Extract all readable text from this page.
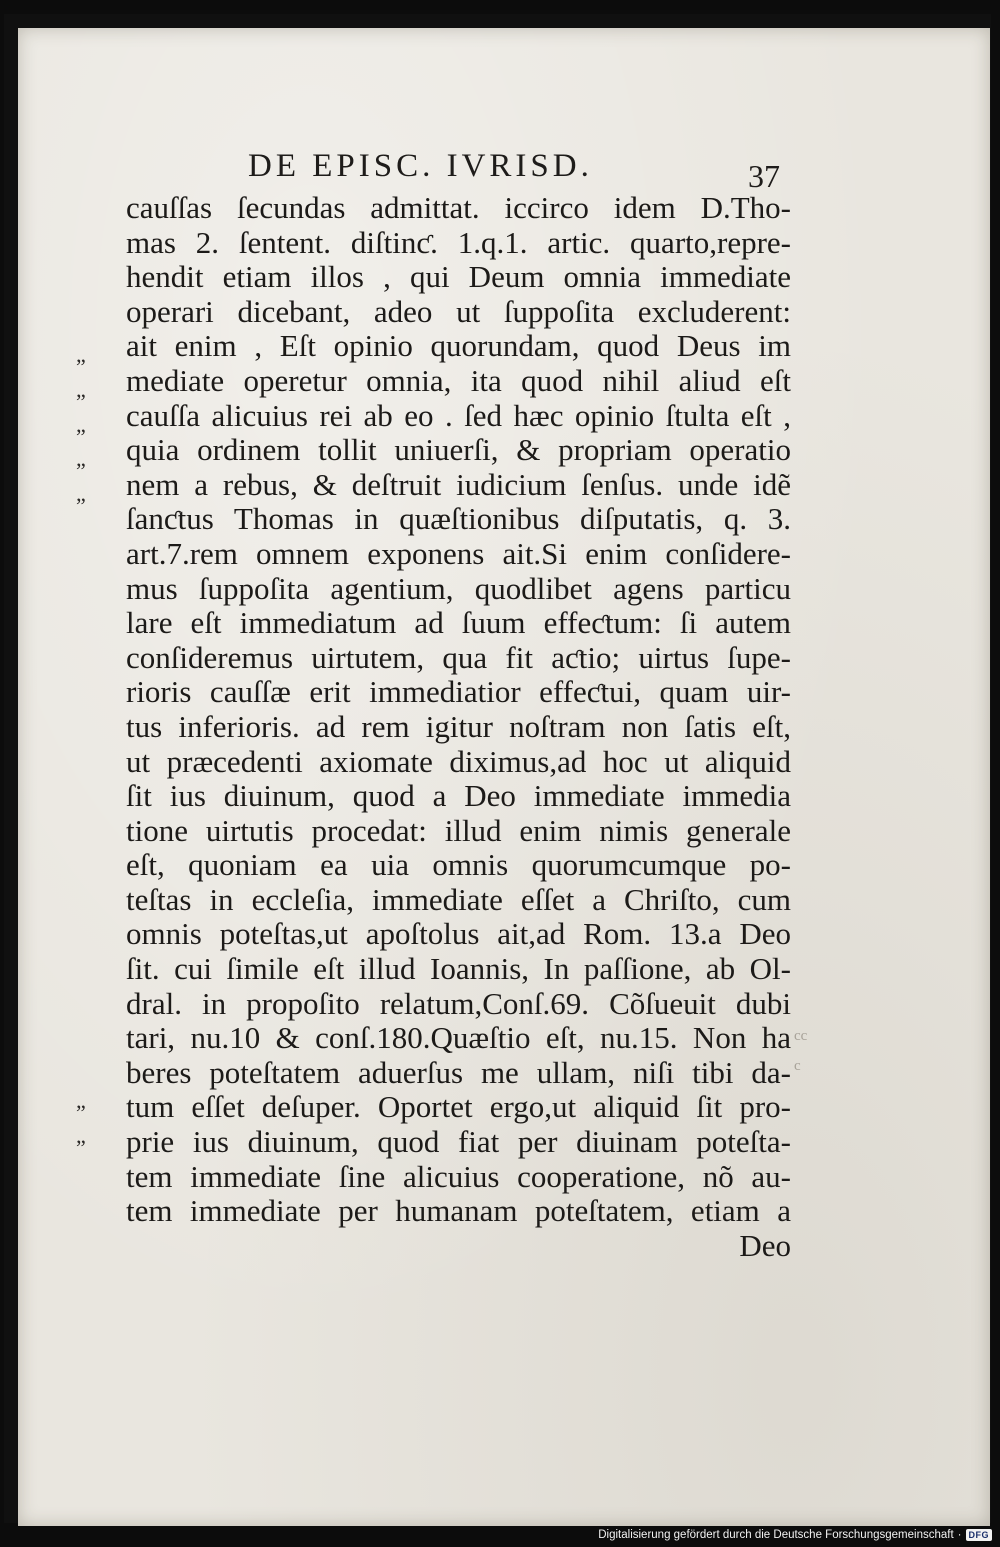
DE EPISC. IVRISD.	37
cauſſas ſecundas admittat. iccirco idem D.Tho-
mas 2. ſentent. diſtinƈ. 1.q.1. artic. quarto,repre-
hendit etiam illos , qui Deum omnia immediate
operari dicebant, adeo ut ſuppoſita excluderent:
ait enim , Eſt opinio quorundam, quod Deus im
mediate operetur omnia, ita quod nihil aliud eſt
cauſſa alicuius rei ab eo . ſed hæc opinio ſtulta eſt ,
quia ordinem tollit uniuerſi, & propriam operatio
nem a rebus, & deſtruit iudicium ſenſus. unde idẽ
ſanƈtus Thomas in quæſtionibus diſputatis, q. 3.
art.7.rem omnem exponens ait.Si enim conſidere-
mus ſuppoſita agentium, quodlibet agens particu
lare eſt immediatum ad ſuum effeƈtum: ſi autem
conſideremus uirtutem, qua fit aƈtio; uirtus ſupe-
rioris cauſſæ erit immediatior effeƈtui, quam uir-
tus inferioris. ad rem igitur noſtram non ſatis eſt,
ut præcedenti axiomate diximus,ad hoc ut aliquid
ſit ius diuinum, quod a Deo immediate immedia
tione uirtutis procedat: illud enim nimis generale
eſt, quoniam ea uia omnis quorumcumque po-
teſtas in eccleſia, immediate eſſet a Chriſto, cum
omnis poteſtas,ut apoſtolus ait,ad Rom. 13.a Deo
ſit. cui ſimile eſt illud Ioannis, In paſſione, ab Ol-
dral. in propoſito relatum,Conſ.69. Cõſueuit dubi
tari, nu.10 & conſ.180.Quæſtio eſt, nu.15. Non ha
beres poteſtatem aduerſus me ullam, niſi tibi da-
tum eſſet deſuper. Oportet ergo,ut aliquid ſit pro-
prie ius diuinum, quod fiat per diuinam poteſta-
tem immediate ſine alicuius cooperatione, nõ au-
tem immediate per humanam poteſtatem, etiam a
Deo
„
„
„
„
„
„
„
cc
c
Digitalisierung gefördert durch die Deutsche Forschungsgemeinschaft · DFG
